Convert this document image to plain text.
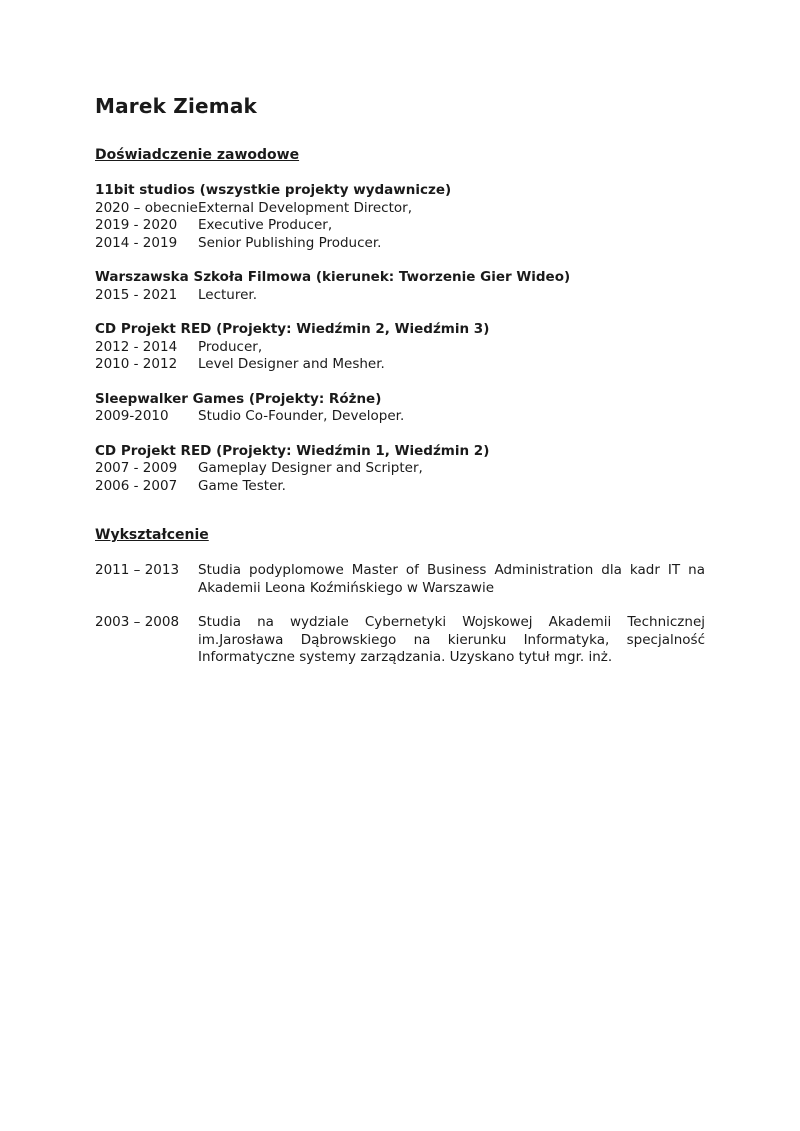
Marek Ziemak
Doświadczenie zawodowe
11bit studios (wszystkie projekty wydawnicze)
2020 – obecnie External Development Director,
2019 - 2020	Executive Producer,
2014 - 2019	Senior Publishing Producer.
Warszawska Szkoła Filmowa (kierunek: Tworzenie Gier Wideo)
2015 - 2021	Lecturer.
CD Projekt RED (Projekty: Wiedźmin 2, Wiedźmin 3)
2012 - 2014	Producer,
2010 - 2012	Level Designer and Mesher.
Sleepwalker Games (Projekty: Różne)
2009-2010	Studio Co-Founder, Developer.
CD Projekt RED (Projekty: Wiedźmin 1, Wiedźmin 2)
2007 - 2009	Gameplay Designer and Scripter,
2006 - 2007	Game Tester.
Wykształcenie
2011 – 2013	Studia podyplomowe Master of Business Administration dla kadr IT na Akademii Leona Koźmińskiego w Warszawie
2003 – 2008	Studia na wydziale Cybernetyki Wojskowej Akademii Technicznej im.Jarosława Dąbrowskiego na kierunku Informatyka, specjalność Informatyczne systemy zarządzania. Uzyskano tytuł mgr. inż.
